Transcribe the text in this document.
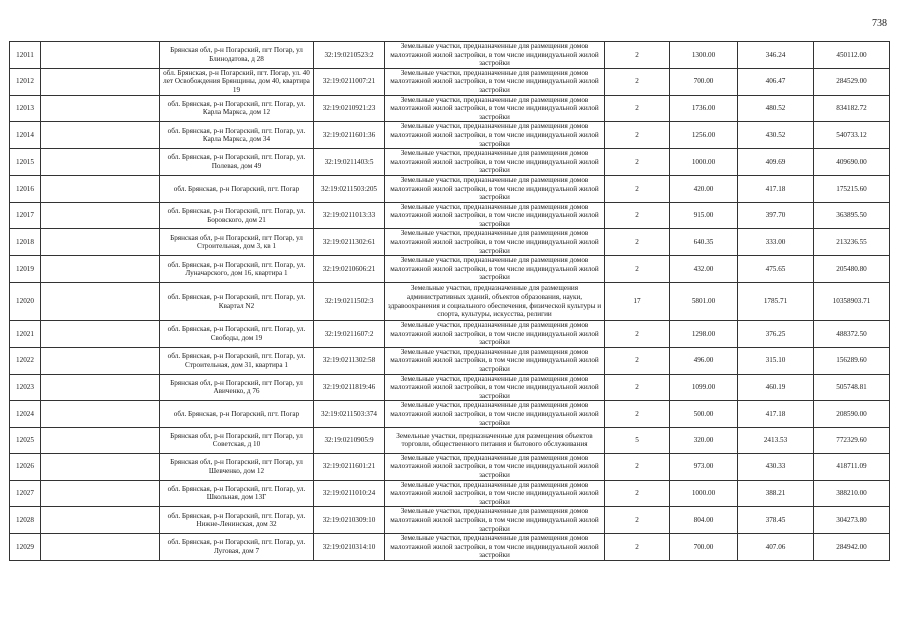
738
12011		Брянская обл, р-н Погарский, пгт Погар, ул Блинодатова, д 28	32:19:0210523:2	Земельные участки, предназначенные для размещения домов малоэтажной жилой застройки, в том числе индивидуальной жилой застройки	2	1300.00	346.24	450112.00
12012		обл. Брянская, р-н Погарский, пгт. Погар, ул. 40 лет Освобождения Брянщины, дом 40, квартира 19	32:19:0211007:21	Земельные участки, предназначенные для размещения домов малоэтажной жилой застройки, в том числе индивидуальной жилой застройки	2	700.00	406.47	284529.00
12013		обл. Брянская, р-н Погарский, пгт. Погар, ул. Карла Маркса, дом 12	32:19:0210921:23	Земельные участки, предназначенные для размещения домов малоэтажной жилой застройки, в том числе индивидуальной жилой застройки	2	1736.00	480.52	834182.72
12014		обл. Брянская, р-н Погарский, пгт. Погар, ул. Карла Маркса, дом 34	32:19:0211601:36	Земельные участки, предназначенные для размещения домов малоэтажной жилой застройки, в том числе индивидуальной жилой застройки	2	1256.00	430.52	540733.12
12015		обл. Брянская, р-н Погарский, пгт. Погар, ул. Полевая, дом 49	32:19:0211403:5	Земельные участки, предназначенные для размещения домов малоэтажной жилой застройки, в том числе индивидуальной жилой застройки	2	1000.00	409.69	409690.00
12016		обл. Брянская, р-н Погарский, пгт. Погар	32:19:0211503:205	Земельные участки, предназначенные для размещения домов малоэтажной жилой застройки, в том числе индивидуальной жилой застройки	2	420.00	417.18	175215.60
12017		обл. Брянская, р-н Погарский, пгт. Погар, ул. Боровского, дом 21	32:19:0211013:33	Земельные участки, предназначенные для размещения домов малоэтажной жилой застройки, в том числе индивидуальной жилой застройки	2	915.00	397.70	363895.50
12018		Брянская обл, р-н Погарский, пгт Погар, ул Строительная, дом 3, кв 1	32:19:0211302:61	Земельные участки, предназначенные для размещения домов малоэтажной жилой застройки, в том числе индивидуальной жилой застройки	2	640.35	333.00	213236.55
12019		обл. Брянская, р-н Погарский, пгт. Погар, ул. Луначарского, дом 16, квартира 1	32:19:0210606:21	Земельные участки, предназначенные для размещения домов малоэтажной жилой застройки, в том числе индивидуальной жилой застройки	2	432.00	475.65	205480.80
12020		обл. Брянская, р-н Погарский, пгт. Погар, ул. Квартал N2	32:19:0211502:3	Земельные участки, предназначенные для размещения административных зданий, объектов образования, науки, здравоохранения и социального обеспечения, физической культуры и спорта, культуры, искусства, религии	17	5801.00	1785.71	10358903.71
12021		обл. Брянская, р-н Погарский, пгт. Погар, ул. Свободы, дом 19	32:19:0211607:2	Земельные участки, предназначенные для размещения домов малоэтажной жилой застройки, в том числе индивидуальной жилой застройки	2	1298.00	376.25	488372.50
12022		обл. Брянская, р-н Погарский, пгт. Погар, ул. Строительная, дом 31, квартира 1	32:19:0211302:58	Земельные участки, предназначенные для размещения домов малоэтажной жилой застройки, в том числе индивидуальной жилой застройки	2	496.00	315.10	156289.60
12023		Брянская обл, р-н Погарский, пгт Погар, ул Авиченко, д 76	32:19:0211819:46	Земельные участки, предназначенные для размещения домов малоэтажной жилой застройки, в том числе индивидуальной жилой застройки	2	1099.00	460.19	505748.81
12024		обл. Брянская, р-н Погарский, пгт. Погар	32:19:0211503:374	Земельные участки, предназначенные для размещения домов малоэтажной жилой застройки, в том числе индивидуальной жилой застройки	2	500.00	417.18	208590.00
12025		Брянская обл, р-н Погарский, пгт Погар, ул Советская, д 10	32:19:0210905:9	Земельные участки, предназначенные для размещения объектов торговли, общественного питания и бытового обслуживания	5	320.00	2413.53	772329.60
12026		Брянская обл, р-н Погарский, пгт Погар, ул Шевченко, дом 12	32:19:0211601:21	Земельные участки, предназначенные для размещения домов малоэтажной жилой застройки, в том числе индивидуальной жилой застройки	2	973.00	430.33	418711.09
12027		обл. Брянская, р-н Погарский, пгт. Погар, ул. Школьная, дом 13Г	32:19:0211010:24	Земельные участки, предназначенные для размещения домов малоэтажной жилой застройки, в том числе индивидуальной жилой застройки	2	1000.00	388.21	388210.00
12028		обл. Брянская, р-н Погарский, пгт. Погар, ул. Нижне-Ленинская, дом 32	32:19:0210309:10	Земельные участки, предназначенные для размещения домов малоэтажной жилой застройки, в том числе индивидуальной жилой застройки	2	804.00	378.45	304273.80
12029		обл. Брянская, р-н Погарский, пгт. Погар, ул. Луговая, дом 7	32:19:0210314:10	Земельные участки, предназначенные для размещения домов малоэтажной жилой застройки, в том числе индивидуальной жилой застройки	2	700.00	407.06	284942.00
